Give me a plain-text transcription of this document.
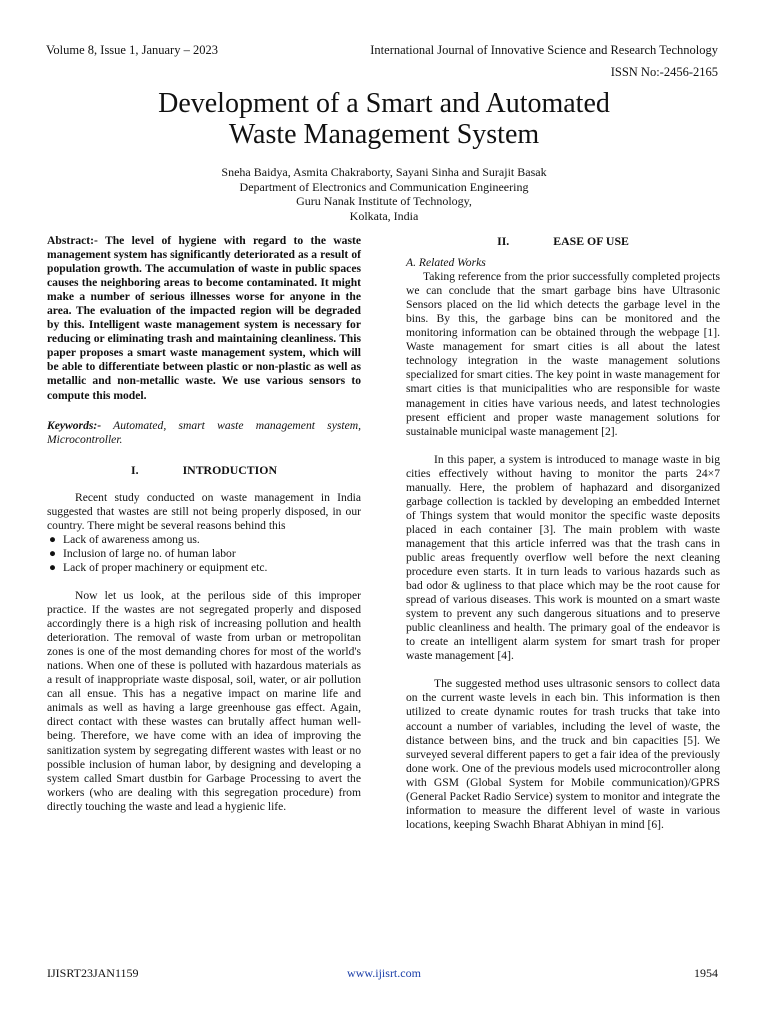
Volume 8, Issue 1, January – 2023	International Journal of Innovative Science and Research Technology
ISSN No:-2456-2165
Development of a Smart and Automated
Waste Management System
Sneha Baidya, Asmita Chakraborty, Sayani Sinha and Surajit Basak
Department of Electronics and Communication Engineering
Guru Nanak Institute of Technology,
Kolkata, India

Abstract:- The level of hygiene with regard to the waste management system has significantly deteriorated as a result of population growth. The accumulation of waste in public spaces causes the neighboring areas to become contaminated. It might make a number of serious illnesses worse for anyone in the area. The evaluation of the impacted region will be degraded by this. Intelligent waste management system is necessary for reducing or eliminating trash and maintaining cleanliness. This paper proposes a smart waste management system, which will be able to differentiate between plastic or non-plastic as well as metallic and non-metallic waste. We use various sensors to compute this model.

Keywords:- Automated, smart waste management system, Microcontroller.

I.	INTRODUCTION

Recent study conducted on waste management in India suggested that wastes are still not being properly disposed, in our country. There might be several reasons behind this

● Lack of awareness among us.
● Inclusion of large no. of human labor
● Lack of proper machinery or equipment etc.

Now let us look, at the perilous side of this improper practice. If the wastes are not segregated properly and disposed accordingly there is a high risk of increasing pollution and health deterioration. The removal of waste from urban or metropolitan zones is one of the most demanding chores for most of the world's nations. When one of these is polluted with hazardous materials as a result of inappropriate waste disposal, soil, water, or air pollution can all ensue. This has a negative impact on marine life and animals as well as having a large greenhouse gas effect. Again, direct contact with these wastes can brutally affect human well-being. Therefore, we have come with an idea of improving the sanitization system by segregating different wastes with least or no possible inclusion of human labor, by designing and developing a system called Smart dustbin for Garbage Processing to avert the workers (who are dealing with this segregation procedure) from directly touching the waste and lead a hygienic life.

II.	EASE OF USE
A. Related Works

Taking reference from the prior successfully completed projects we can conclude that the smart garbage bins have Ultrasonic Sensors placed on the lid which detects the garbage level in the bins. By this, the garbage bins can be monitored and the monitoring information can be obtained through the webpage [1]. Waste management for smart cities is all about the latest technology integration in the waste management solutions specialized for smart cities. The key point in waste management for smart cities is that municipalities who are responsible for waste management in cities have various needs, and latest technologies present efficient and proper waste management solutions for sustainable municipal waste management [2].

In this paper, a system is introduced to manage waste in big cities effectively without having to monitor the parts 24×7 manually. Here, the problem of haphazard and disorganized garbage collection is tackled by developing an embedded Internet of Things system that would monitor the specific waste deposits placed in each container [3]. The main problem with waste management that this article inferred was that the trash cans in public areas frequently overflow well before the next cleaning procedure even starts. It in turn leads to various hazards such as bad odor & ugliness to that place which may be the root cause for spread of various diseases. This work is mounted on a smart waste system to prevent any such dangerous situations and to preserve public cleanliness and health. The primary goal of the endeavor is to create an intelligent alarm system for smart trash for proper waste management [4].

The suggested method uses ultrasonic sensors to collect data on the current waste levels in each bin. This information is then utilized to create dynamic routes for trash trucks that take into account a number of variables, including the level of waste, the distance between bins, and the truck and bin capacities [5]. We surveyed several different papers to get a fair idea of the previously done work. One of the previous models used microcontroller along with GSM (Global System for Mobile communication)/GPRS (General Packet Radio Service) system to monitor and integrate the information to measure the different level of waste in various locations, keeping Swachh Bharat Abhiyan in mind [6].

IJISRT23JAN1159	www.ijisrt.com	1954
